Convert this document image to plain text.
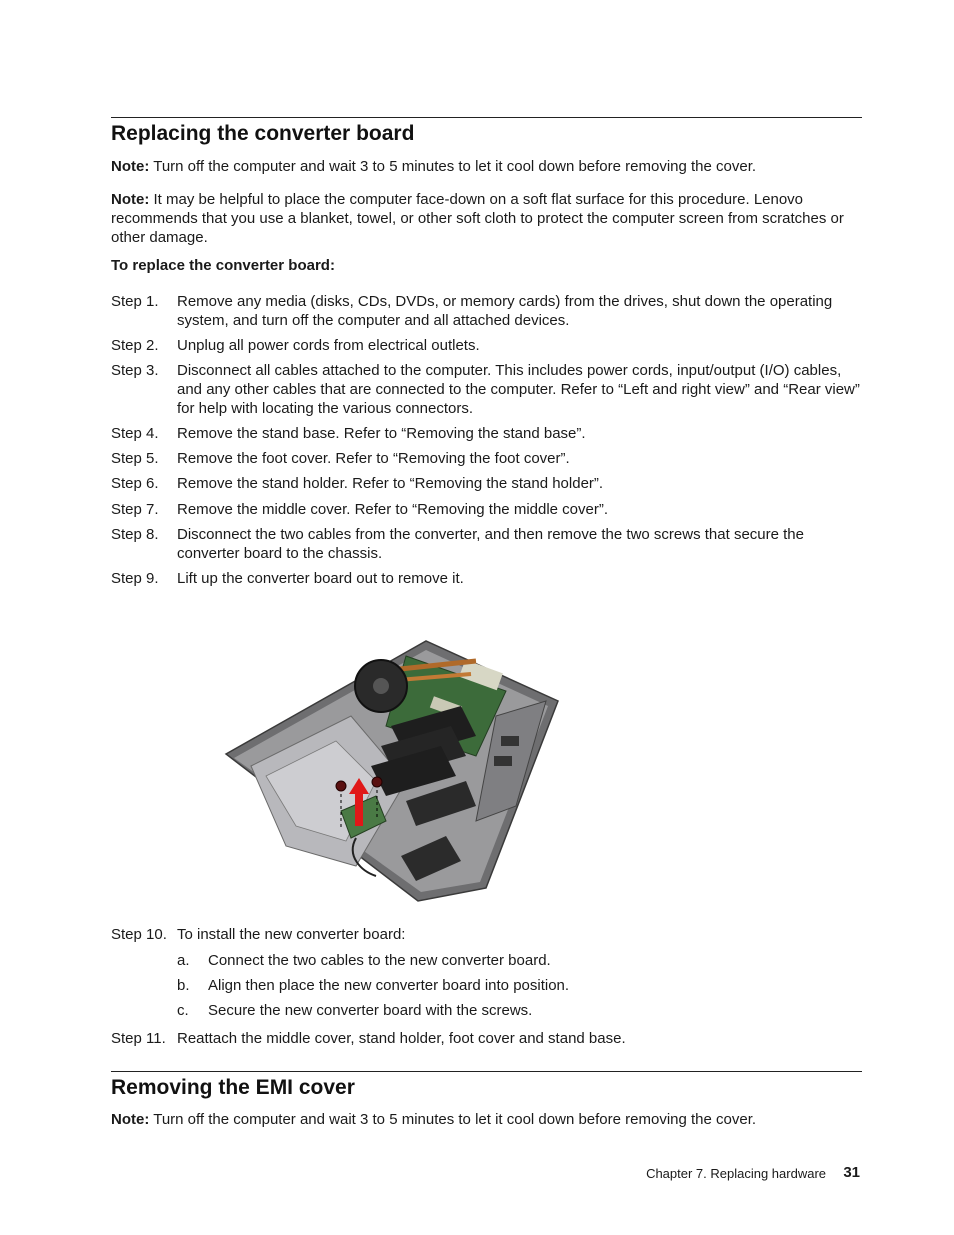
Replacing the converter board
Note: Turn off the computer and wait 3 to 5 minutes to let it cool down before removing the cover.
Note: It may be helpful to place the computer face-down on a soft flat surface for this procedure. Lenovo recommends that you use a blanket, towel, or other soft cloth to protect the computer screen from scratches or other damage.
To replace the converter board:
Step 1. Remove any media (disks, CDs, DVDs, or memory cards) from the drives, shut down the operating system, and turn off the computer and all attached devices.
Step 2. Unplug all power cords from electrical outlets.
Step 3. Disconnect all cables attached to the computer. This includes power cords, input/output (I/O) cables, and any other cables that are connected to the computer. Refer to “Left and right view” and “Rear view” for help with locating the various connectors.
Step 4. Remove the stand base. Refer to “Removing the stand base”.
Step 5. Remove the foot cover. Refer to “Removing the foot cover”.
Step 6. Remove the stand holder. Refer to “Removing the stand holder”.
Step 7. Remove the middle cover. Refer to “Removing the middle cover”.
Step 8. Disconnect the two cables from the converter, and then remove the two screws that secure the converter board to the chassis.
Step 9. Lift up the converter board out to remove it.
Step 10. To install the new converter board:
a. Connect the two cables to the new converter board.
b. Align then place the new converter board into position.
c. Secure the new converter board with the screws.
Step 11. Reattach the middle cover, stand holder, foot cover and stand base.
Removing the EMI cover
Note: Turn off the computer and wait 3 to 5 minutes to let it cool down before removing the cover.
Chapter 7. Replacing hardware 31
